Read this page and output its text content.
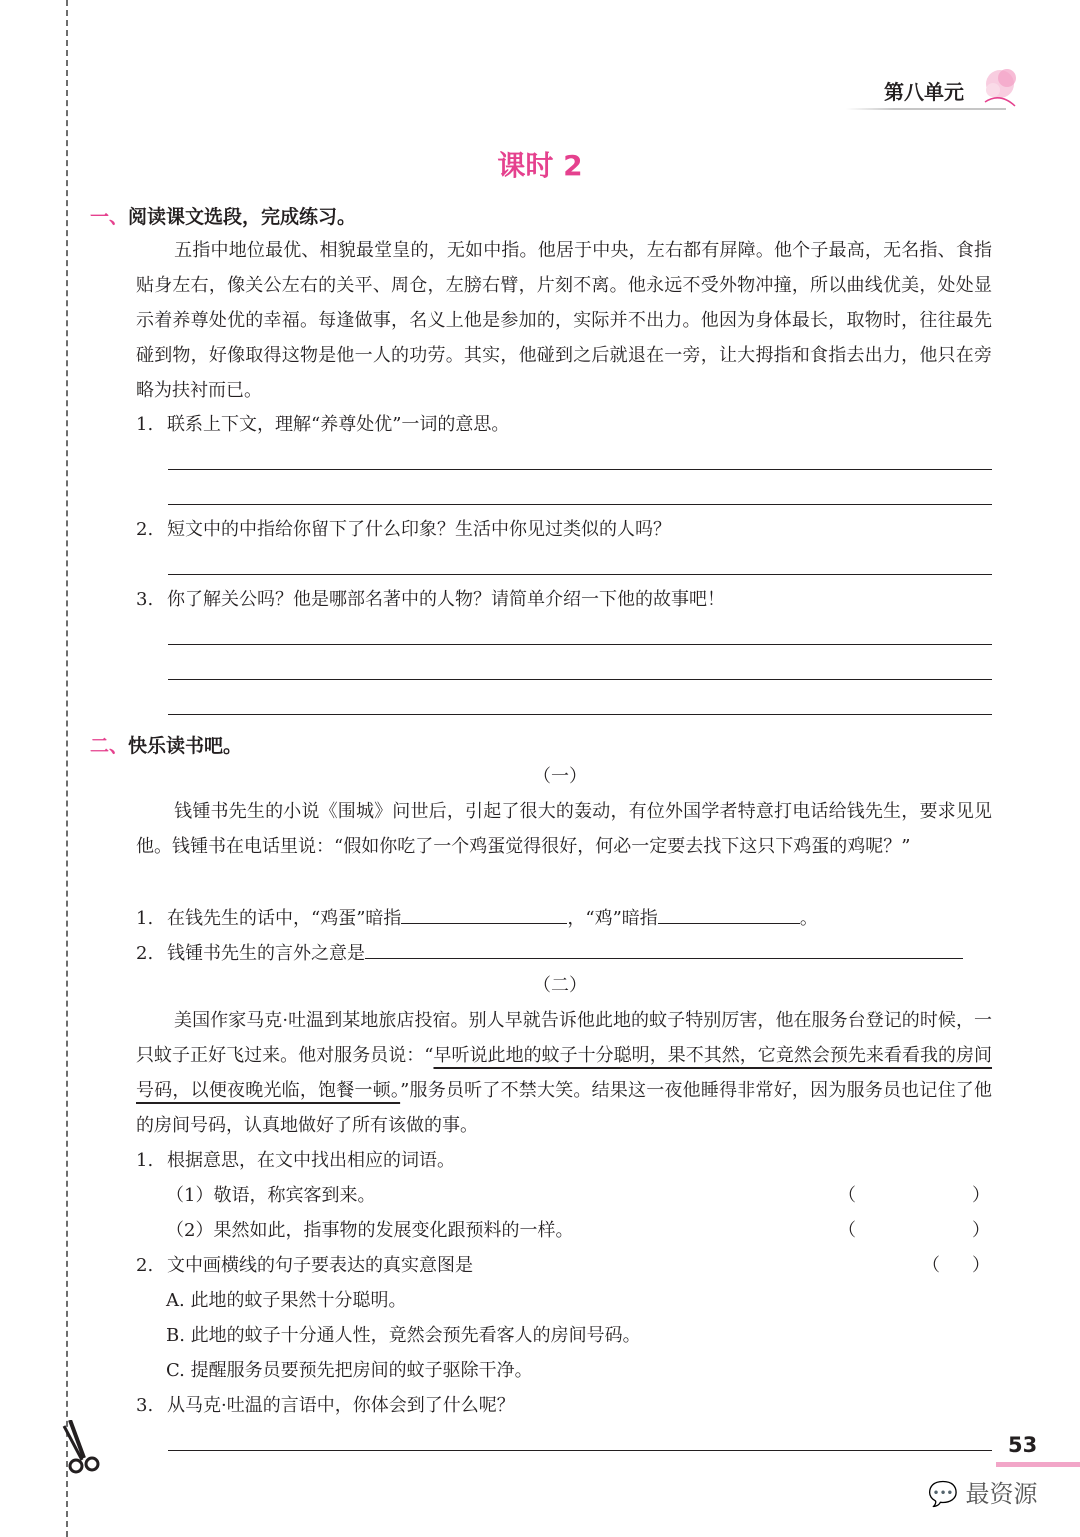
第八单元
课时 2
一、阅读课文选段，完成练习。
五指中地位最优、相貌最堂皇的，无如中指。他居于中央，左右都有屏障。他个子最高，无名指、食指贴身左右，像关公左右的关平、周仓，左膀右臂，片刻不离。他永远不受外物冲撞，所以曲线优美，处处显示着养尊处优的幸福。每逢做事，名义上他是参加的，实际并不出力。他因为身体最长，取物时，往往最先碰到物，好像取得这物是他一人的功劳。其实，他碰到之后就退在一旁，让大拇指和食指去出力，他只在旁略为扶衬而已。
1. 联系上下文，理解“养尊处优”一词的意思。
2. 短文中的中指给你留下了什么印象？生活中你见过类似的人吗？
3. 你了解关公吗？他是哪部名著中的人物？请简单介绍一下他的故事吧！
二、快乐读书吧。
（一）
钱锺书先生的小说《围城》问世后，引起了很大的轰动，有位外国学者特意打电话给钱先生，要求见见他。钱锺书在电话里说：“假如你吃了一个鸡蛋觉得很好，何必一定要去找下这只下鸡蛋的鸡呢？”
1. 在钱先生的话中，“鸡蛋”暗指	，“鸡”暗指	。
2. 钱锺书先生的言外之意是
（二）
美国作家马克·吐温到某地旅店投宿。别人早就告诉他此地的蚊子特别厉害，他在服务台登记的时候，一只蚊子正好飞过来。他对服务员说：“早听说此地的蚊子十分聪明，果不其然，它竟然会预先来看看我的房间号码，以便夜晚光临，饱餐一顿。”服务员听了不禁大笑。结果这一夜他睡得非常好，因为服务员也记住了他的房间号码，认真地做好了所有该做的事。
1. 根据意思，在文中找出相应的词语。
（1）敬语，称宾客到来。	（	）
（2）果然如此，指事物的发展变化跟预料的一样。	（	）
2. 文中画横线的句子要表达的真实意图是	（ ）
A. 此地的蚊子果然十分聪明。
B. 此地的蚊子十分通人性，竟然会预先看客人的房间号码。
C. 提醒服务员要预先把房间的蚊子驱除干净。
3. 从马克·吐温的言语中，你体会到了什么呢？
53
💬 最资源
